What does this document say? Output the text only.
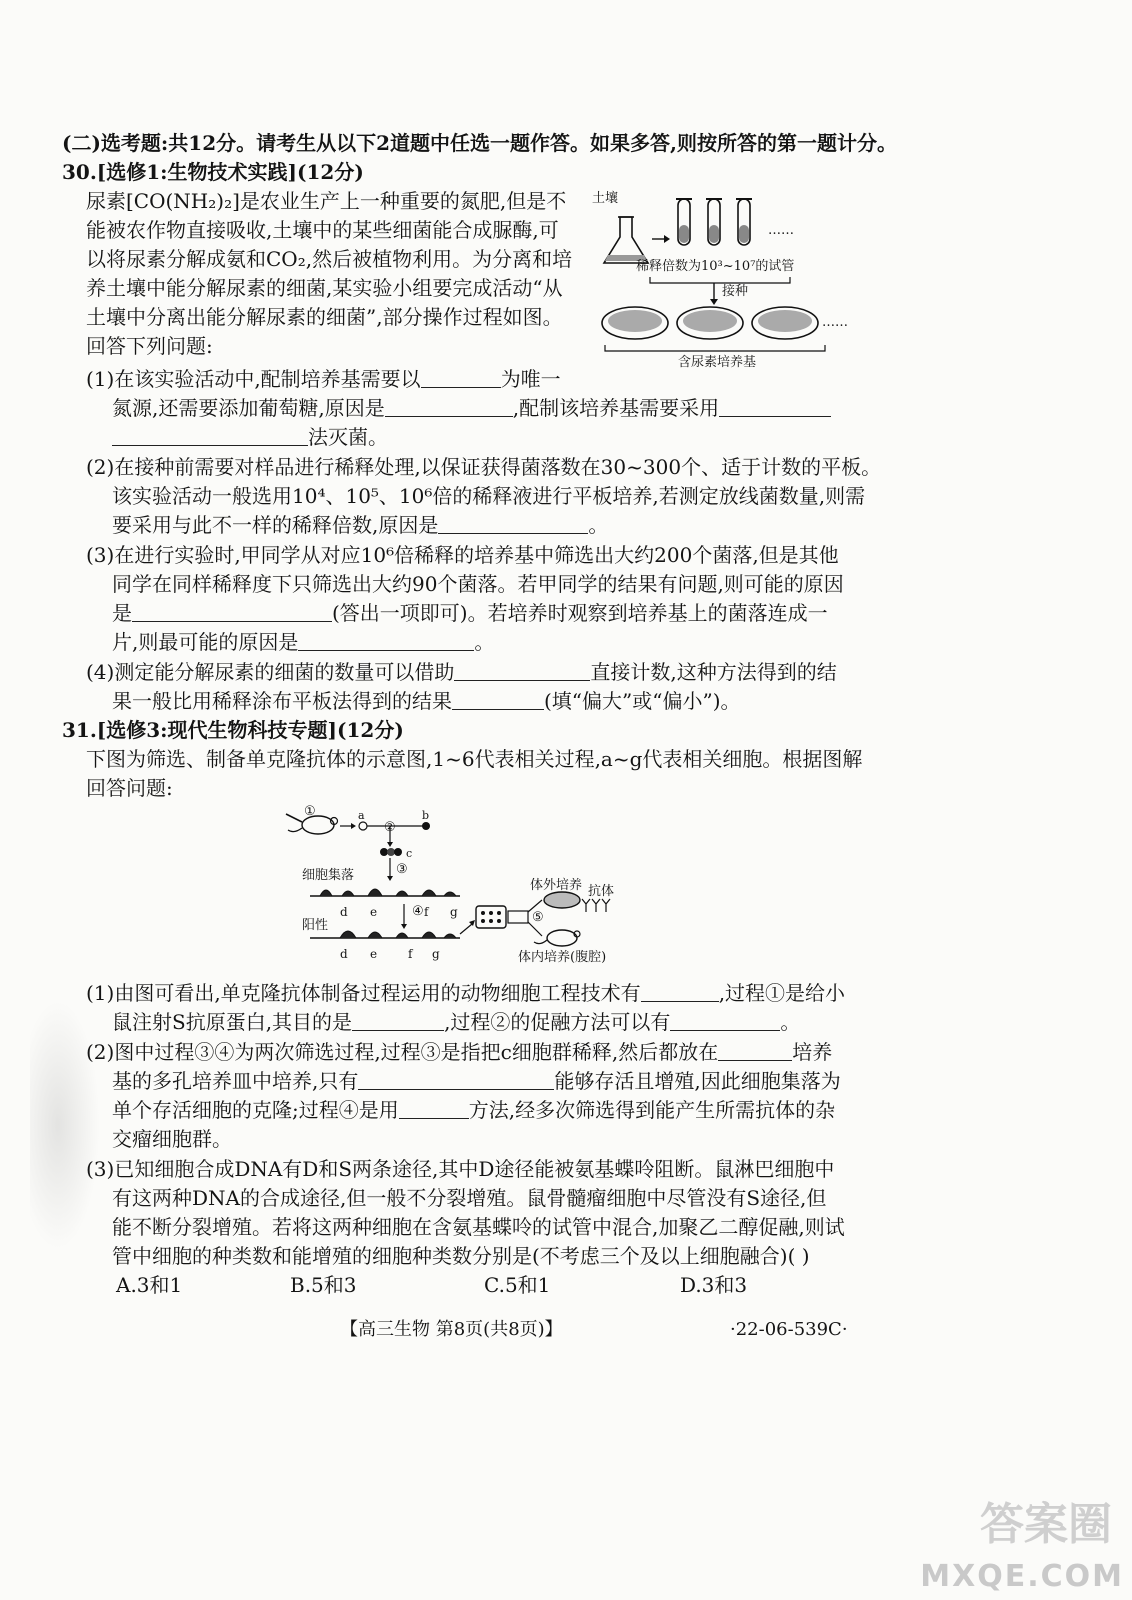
(二)选考题:共12分。请考生从以下2道题中任选一题作答。如果多答,则按所答的第一题计分。
30.[选修1:生物技术实践](12分)
尿素[CO(NH₂)₂]是农业生产上一种重要的氮肥,但是不
能被农作物直接吸收,土壤中的某些细菌能合成脲酶,可
以将尿素分解成氨和CO₂,然后被植物利用。为分离和培
养土壤中能分解尿素的细菌,某实验小组要完成活动“从
土壤中分离出能分解尿素的细菌”,部分操作过程如图。
回答下列问题:
土壤
……
稀释倍数为10³~10⁷的试管
接种
……
含尿素培养基
(1)在该实验活动中,配制培养基需要以	为唯一
氮源,还需要添加葡萄糖,原因是	,配制该培养基需要采用
法灭菌。
(2)在接种前需要对样品进行稀释处理,以保证获得菌落数在30~300个、适于计数的平板。
该实验活动一般选用10⁴、10⁵、10⁶倍的稀释液进行平板培养,若测定放线菌数量,则需
要采用与此不一样的稀释倍数,原因是	。
(3)在进行实验时,甲同学从对应10⁶倍稀释的培养基中筛选出大约200个菌落,但是其他
同学在同样稀释度下只筛选出大约90个菌落。若甲同学的结果有问题,则可能的原因
是	(答出一项即可)。若培养时观察到培养基上的菌落连成一
片,则最可能的原因是	。
(4)测定能分解尿素的细菌的数量可以借助	直接计数,这种方法得到的结
果一般比用稀释涂布平板法得到的结果	(填“偏大”或“偏小”)。
31.[选修3:现代生物科技专题](12分)
下图为筛选、制备单克隆抗体的示意图,1~6代表相关过程,a~g代表相关细胞。根据图解
回答问题:
①	a
②
b
c
③
细胞集落
d e	④ f g
阳性
d e	f g
体外培养
⑤
抗体
体内培养(腹腔)
(1)由图可看出,单克隆抗体制备过程运用的动物细胞工程技术有	,过程①是给小
鼠注射S抗原蛋白,其目的是	,过程②的促融方法可以有	。
(2)图中过程③④为两次筛选过程,过程③是指把c细胞群稀释,然后都放在	培养
基的多孔培养皿中培养,只有	能够存活且增殖,因此细胞集落为
单个存活细胞的克隆;过程④是用	方法,经多次筛选得到能产生所需抗体的杂
交瘤细胞群。
(3)已知细胞合成DNA有D和S两条途径,其中D途径能被氨基蝶呤阻断。鼠淋巴细胞中
有这两种DNA的合成途径,但一般不分裂增殖。鼠骨髓瘤细胞中尽管没有S途径,但
能不断分裂增殖。若将这两种细胞在含氨基蝶呤的试管中混合,加聚乙二醇促融,则试
管中细胞的种类数和能增殖的细胞种类数分别是(不考虑三个及以上细胞融合)( )
A.3和1	B.5和3	C.5和1	D.3和3
【高三生物 第8页(共8页)】	·22-06-539C·
答案圈
MXQE.COM
